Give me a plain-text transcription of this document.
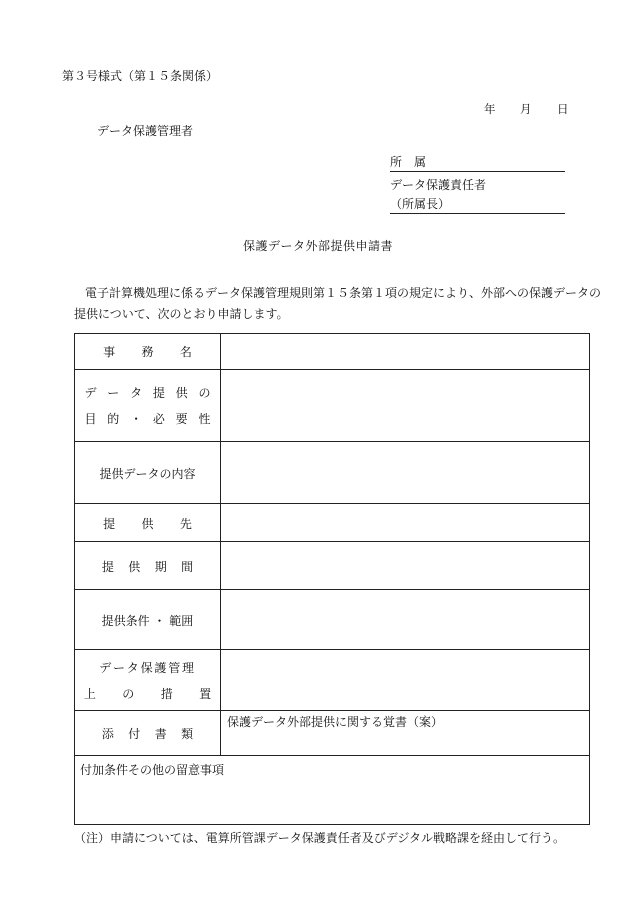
第３号様式（第１５条関係）
年 月 日
データ保護管理者
所　属
データ保護責任者
（所属長）
保護データ外部提供申請書
電子計算機処理に係るデータ保護管理規則第１５条第１項の規定により、外部への保護データの
提供について、次のとおり申請します。
事務名
データ提供の
目的・必要性
提供データの内容
提供先
提供期間
提供条件 ・ 範囲
データ保護管理
上の措置
添付書類
保護データ外部提供に関する覚書（案）
付加条件その他の留意事項
（注）申請については、電算所管課データ保護責任者及びデジタル戦略課を経由して行う。
